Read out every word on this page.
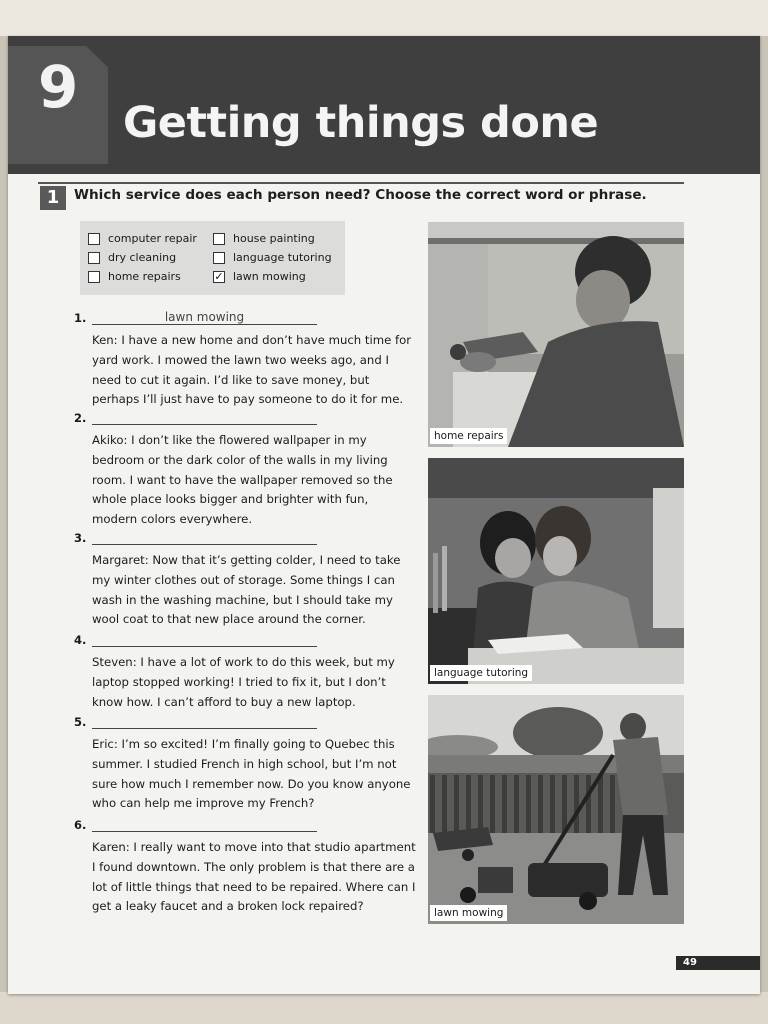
9
Getting things done
1	Which service does each person need? Choose the correct word or phrase.
computer repair
dry cleaning
home repairs
house painting
language tutoring
✓ lawn mowing
1.	lawn mowing
Ken: I have a new home and don’t have much time for yard work. I mowed the lawn two weeks ago, and I need to cut it again. I’d like to save money, but perhaps I’ll just have to pay someone to do it for me.
2.
Akiko: I don’t like the flowered wallpaper in my bedroom or the dark color of the walls in my living room. I want to have the wallpaper removed so the whole place looks bigger and brighter with fun, modern colors everywhere.
3.
Margaret: Now that it’s getting colder, I need to take my winter clothes out of storage. Some things I can wash in the washing machine, but I should take my wool coat to that new place around the corner.
4.
Steven: I have a lot of work to do this week, but my laptop stopped working! I tried to fix it, but I don’t know how. I can’t afford to buy a new laptop.
5.
Eric: I’m so excited! I’m finally going to Quebec this summer. I studied French in high school, but I’m not sure how much I remember now. Do you know anyone who can help me improve my French?
6.
Karen: I really want to move into that studio apartment I found downtown. The only problem is that there are a lot of little things that need to be repaired. Where can I get a leaky faucet and a broken lock repaired?
home repairs
language tutoring
lawn mowing
49
